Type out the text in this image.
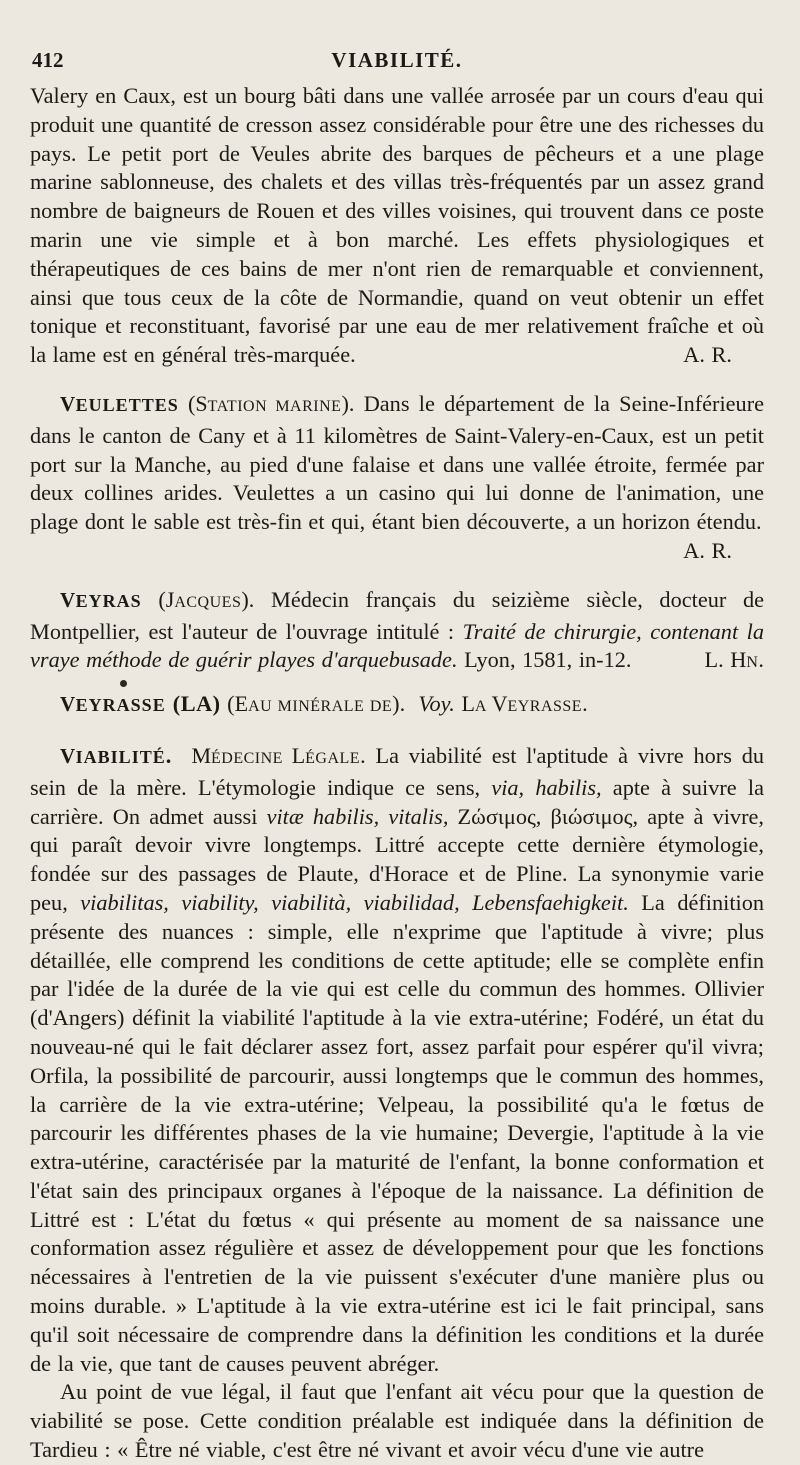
412	VIABILITÉ.

Valery en Caux, est un bourg bâti dans une vallée arrosée par un cours d'eau qui produit une quantité de cresson assez considérable pour être une des richesses du pays. Le petit port de Veules abrite des barques de pêcheurs et a une plage marine sablonneuse, des chalets et des villas très-fréquentés par un assez grand nombre de baigneurs de Rouen et des villes voisines, qui trouvent dans ce poste marin une vie simple et à bon marché. Les effets physiologiques et thérapeutiques de ces bains de mer n'ont rien de remarquable et conviennent, ainsi que tous ceux de la côte de Normandie, quand on veut obtenir un effet tonique et reconstituant, favorisé par une eau de mer relativement fraîche et où la lame est en général très-marquée.	A. R.

VEULETTES (STATION MARINE). Dans le département de la Seine-Inférieure dans le canton de Cany et à 11 kilomètres de Saint-Valery-en-Caux, est un petit port sur la Manche, au pied d'une falaise et dans une vallée étroite, fermée par deux collines arides. Veulettes a un casino qui lui donne de l'animation, une plage dont le sable est très-fin et qui, étant bien découverte, a un horizon étendu.
A. R.

VEYRAS (JACQUES). Médecin français du seizième siècle, docteur de Montpellier, est l'auteur de l'ouvrage intitulé : Traité de chirurgie, contenant la vraye méthode de guérir playes d'arquebusade. Lyon, 1581, in-12.	L. HN.

VEYRASSE (LA) (EAU MINÉRALE DE). Voy. LA VEYRASSE.

VIABILITÉ. MÉDECINE LÉGALE. La viabilité est l'aptitude à vivre hors du sein de la mère. L'étymologie indique ce sens, via, habilis, apte à suivre la carrière. On admet aussi vitæ habilis, vitalis, Ζώσιμος, βιώσιμος, apte à vivre, qui paraît devoir vivre longtemps. Littré accepte cette dernière étymologie, fondée sur des passages de Plaute, d'Horace et de Pline. La synonymie varie peu, viabilitas, viability, viabilità, viabilidad, Lebensfaehigkeit. La définition présente des nuances : simple, elle n'exprime que l'aptitude à vivre; plus détaillée, elle comprend les conditions de cette aptitude; elle se complète enfin par l'idée de la durée de la vie qui est celle du commun des hommes. Ollivier (d'Angers) définit la viabilité l'aptitude à la vie extra-utérine; Fodéré, un état du nouveau-né qui le fait déclarer assez fort, assez parfait pour espérer qu'il vivra; Orfila, la possibilité de parcourir, aussi longtemps que le commun des hommes, la carrière de la vie extra-utérine; Velpeau, la possibilité qu'a le fœtus de parcourir les différentes phases de la vie humaine; Devergie, l'aptitude à la vie extra-utérine, caractérisée par la maturité de l'enfant, la bonne conformation et l'état sain des principaux organes à l'époque de la naissance. La définition de Littré est : L'état du fœtus « qui présente au moment de sa naissance une conformation assez régulière et assez de développement pour que les fonctions nécessaires à l'entretien de la vie puissent s'exécuter d'une manière plus ou moins durable. » L'aptitude à la vie extra-utérine est ici le fait principal, sans qu'il soit nécessaire de comprendre dans la définition les conditions et la durée de la vie, que tant de causes peuvent abréger.

Au point de vue légal, il faut que l'enfant ait vécu pour que la question de viabilité se pose. Cette condition préalable est indiquée dans la définition de Tardieu : « Être né viable, c'est être né vivant et avoir vécu d'une vie autre
